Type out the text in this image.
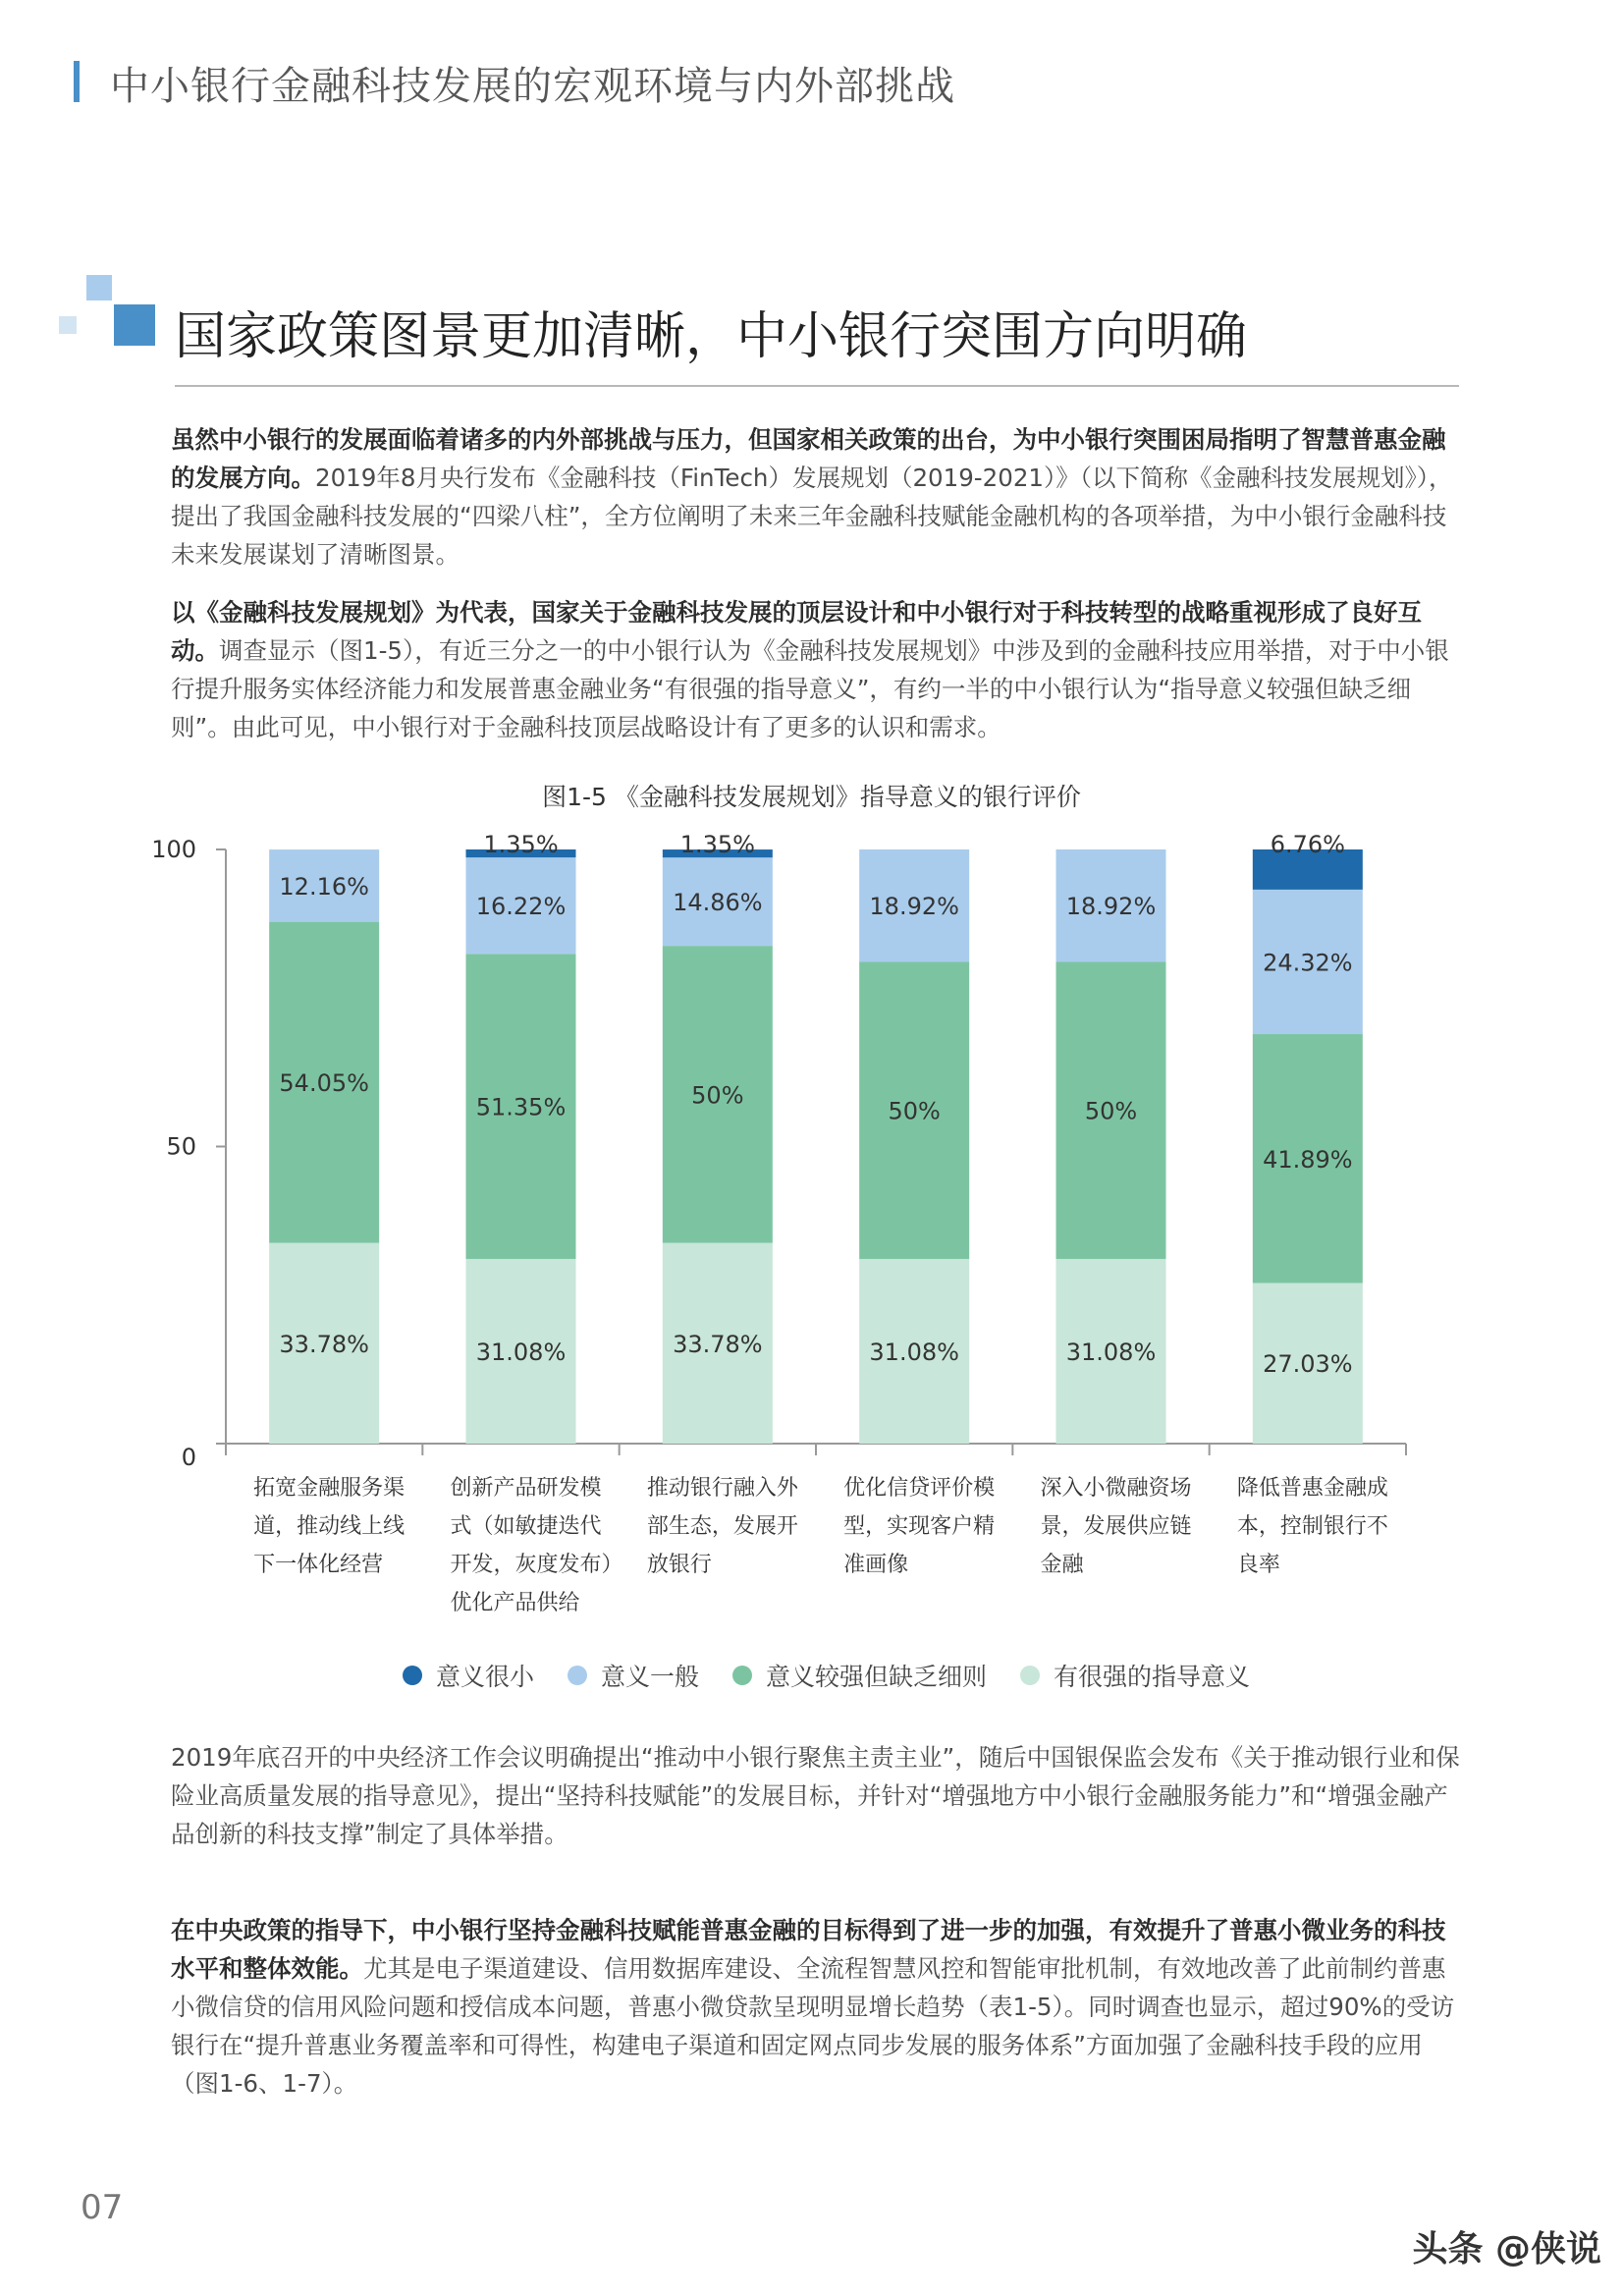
中小银行金融科技发展的宏观环境与内外部挑战
国家政策图景更加清晰，中小银行突围方向明确
虽然中小银行的发展面临着诸多的内外部挑战与压力，但国家相关政策的出台，为中小银行突围困局指明了智慧普惠金融的发展方向。2019年8月央行发布《金融科技（FinTech）发展规划（2019-2021）》（以下简称《金融科技发展规划》），提出了我国金融科技发展的“四梁八柱”，全方位阐明了未来三年金融科技赋能金融机构的各项举措，为中小银行金融科技未来发展谋划了清晰图景。
以《金融科技发展规划》为代表，国家关于金融科技发展的顶层设计和中小银行对于科技转型的战略重视形成了良好互动。调查显示（图1-5），有近三分之一的中小银行认为《金融科技发展规划》中涉及到的金融科技应用举措，对于中小银行提升服务实体经济能力和发展普惠金融业务“有很强的指导意义”，有约一半的中小银行认为“指导意义较强但缺乏细则”。由此可见，中小银行对于金融科技顶层战略设计有了更多的认识和需求。
图1-5 《金融科技发展规划》指导意义的银行评价
0
50
100
33.78%
54.05%
12.16%
拓宽金融服务渠
道，推动线上线
下一体化经营
31.08%
51.35%
16.22%
1.35%
创新产品研发模
式（如敏捷迭代
开发，灰度发布）
优化产品供给
33.78%
50%
14.86%
1.35%
推动银行融入外
部生态，发展开
放银行
31.08%
50%
18.92%
优化信贷评价模
型，实现客户精
准画像
31.08%
50%
18.92%
深入小微融资场
景，发展供应链
金融
27.03%
41.89%
24.32%
6.76%
降低普惠金融成
本，控制银行不
良率
意义很小	意义一般	意义较强但缺乏细则	有很强的指导意义
2019年底召开的中央经济工作会议明确提出“推动中小银行聚焦主责主业”，随后中国银保监会发布《关于推动银行业和保险业高质量发展的指导意见》，提出“坚持科技赋能”的发展目标，并针对“增强地方中小银行金融服务能力”和“增强金融产品创新的科技支撑”制定了具体举措。
在中央政策的指导下，中小银行坚持金融科技赋能普惠金融的目标得到了进一步的加强，有效提升了普惠小微业务的科技水平和整体效能。尤其是电子渠道建设、信用数据库建设、全流程智慧风控和智能审批机制，有效地改善了此前制约普惠小微信贷的信用风险问题和授信成本问题，普惠小微贷款呈现明显增长趋势（表1-5）。同时调查也显示，超过90%的受访银行在“提升普惠业务覆盖率和可得性，构建电子渠道和固定网点同步发展的服务体系”方面加强了金融科技手段的应用（图1-6、1-7）。
07
头条 @侠说
